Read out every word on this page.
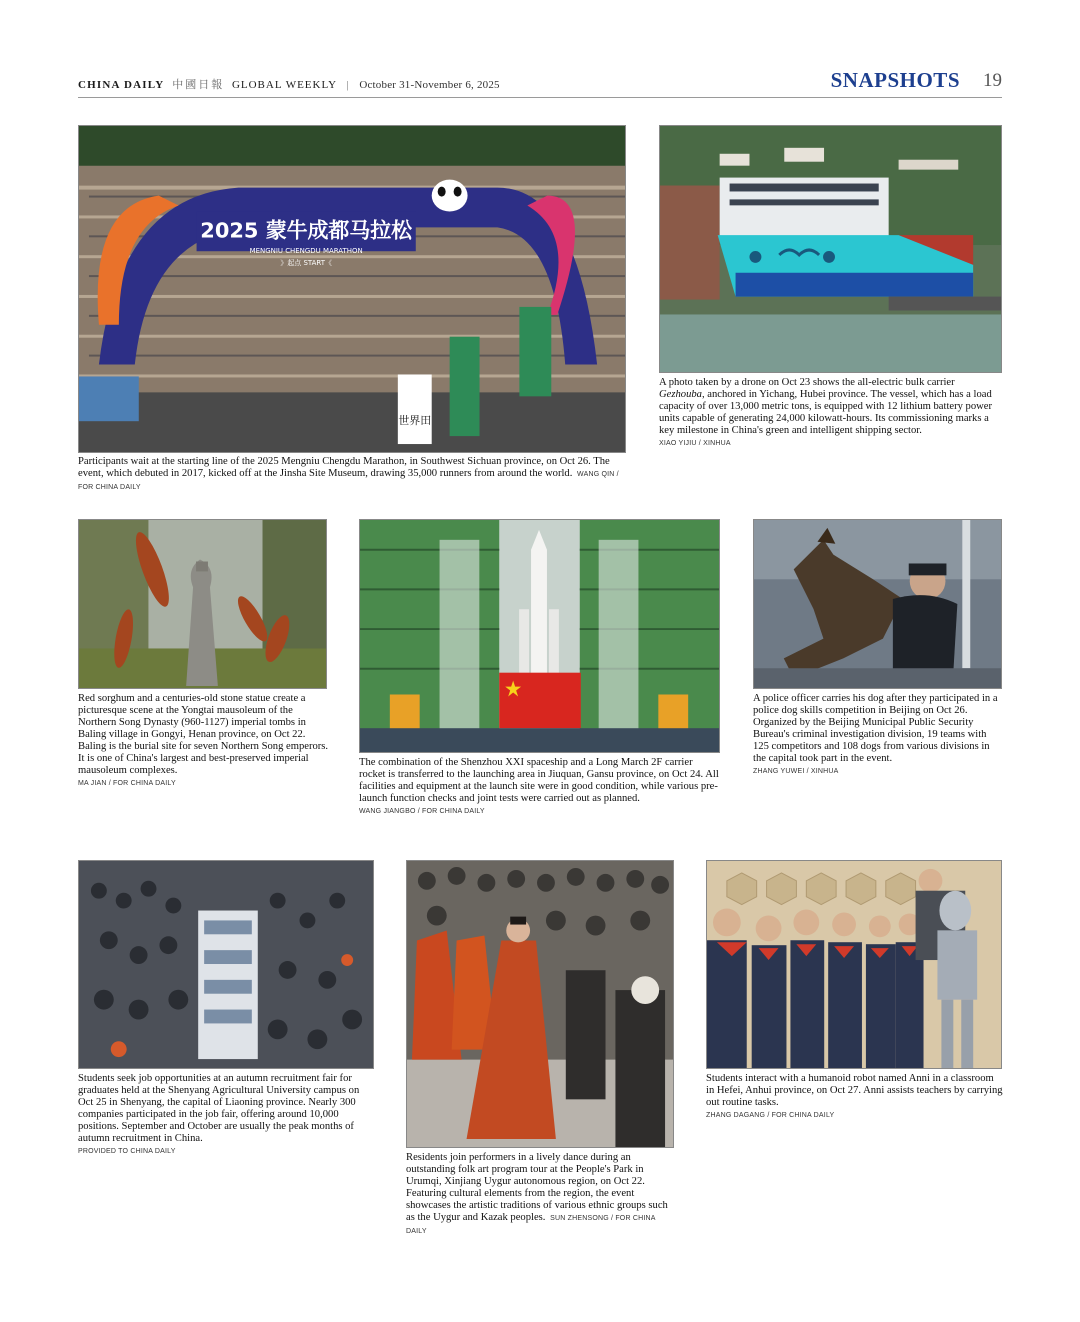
CHINA DAILY 中國日報 GLOBAL WEEKLY | October 31-November 6, 2025	SNAPSHOTS 19
2025 蒙牛成都马拉松
MENGNIU CHENGDU MARATHON
》起点 START《
世界田
Participants wait at the starting line of the 2025 Mengniu Chengdu Marathon, in Southwest Sichuan province, on Oct 26. The event, which debuted in 2017, kicked off at the Jinsha Site Museum, drawing 35,000 runners from around the world. WANG QIN / FOR CHINA DAILY
A photo taken by a drone on Oct 23 shows the all-electric bulk carrier Gezhouba, anchored in Yichang, Hubei province. The vessel, which has a load capacity of over 13,000 metric tons, is equipped with 12 lithium battery power units capable of generating 24,000 kilowatt-hours. Its commissioning marks a key milestone in China's green and intelligent shipping sector.
XIAO YIJIU / XINHUA
Red sorghum and a centuries-old stone statue create a picturesque scene at the Yongtai mausoleum of the Northern Song Dynasty (960-1127) imperial tombs in Baling village in Gongyi, Henan province, on Oct 22. Baling is the burial site for seven Northern Song emperors. It is one of China's largest and best-preserved imperial mausoleum complexes.
MA JIAN / FOR CHINA DAILY
The combination of the Shenzhou XXI spaceship and a Long March 2F carrier rocket is transferred to the launching area in Jiuquan, Gansu province, on Oct 24. All facilities and equipment at the launch site were in good condition, while various pre-launch function checks and joint tests were carried out as planned.
WANG JIANGBO / FOR CHINA DAILY
A police officer carries his dog after they participated in a police dog skills competition in Beijing on Oct 26. Organized by the Beijing Municipal Public Security Bureau's criminal investigation division, 19 teams with 125 competitors and 108 dogs from various divisions in the capital took part in the event.
ZHANG YUWEI / XINHUA
Students seek job opportunities at an autumn recruitment fair for graduates held at the Shenyang Agricultural University campus on Oct 25 in Shenyang, the capital of Liaoning province. Nearly 300 companies participated in the job fair, offering around 10,000 positions. September and October are usually the peak months of autumn recruitment in China.
PROVIDED TO CHINA DAILY
Residents join performers in a lively dance during an outstanding folk art program tour at the People's Park in Urumqi, Xinjiang Uygur autonomous region, on Oct 22. Featuring cultural elements from the region, the event showcases the artistic traditions of various ethnic groups such as the Uygur and Kazak peoples. SUN ZHENSONG / FOR CHINA DAILY
Students interact with a humanoid robot named Anni in a classroom in Hefei, Anhui province, on Oct 27. Anni assists teachers by carrying out routine tasks.
ZHANG DAGANG / FOR CHINA DAILY
